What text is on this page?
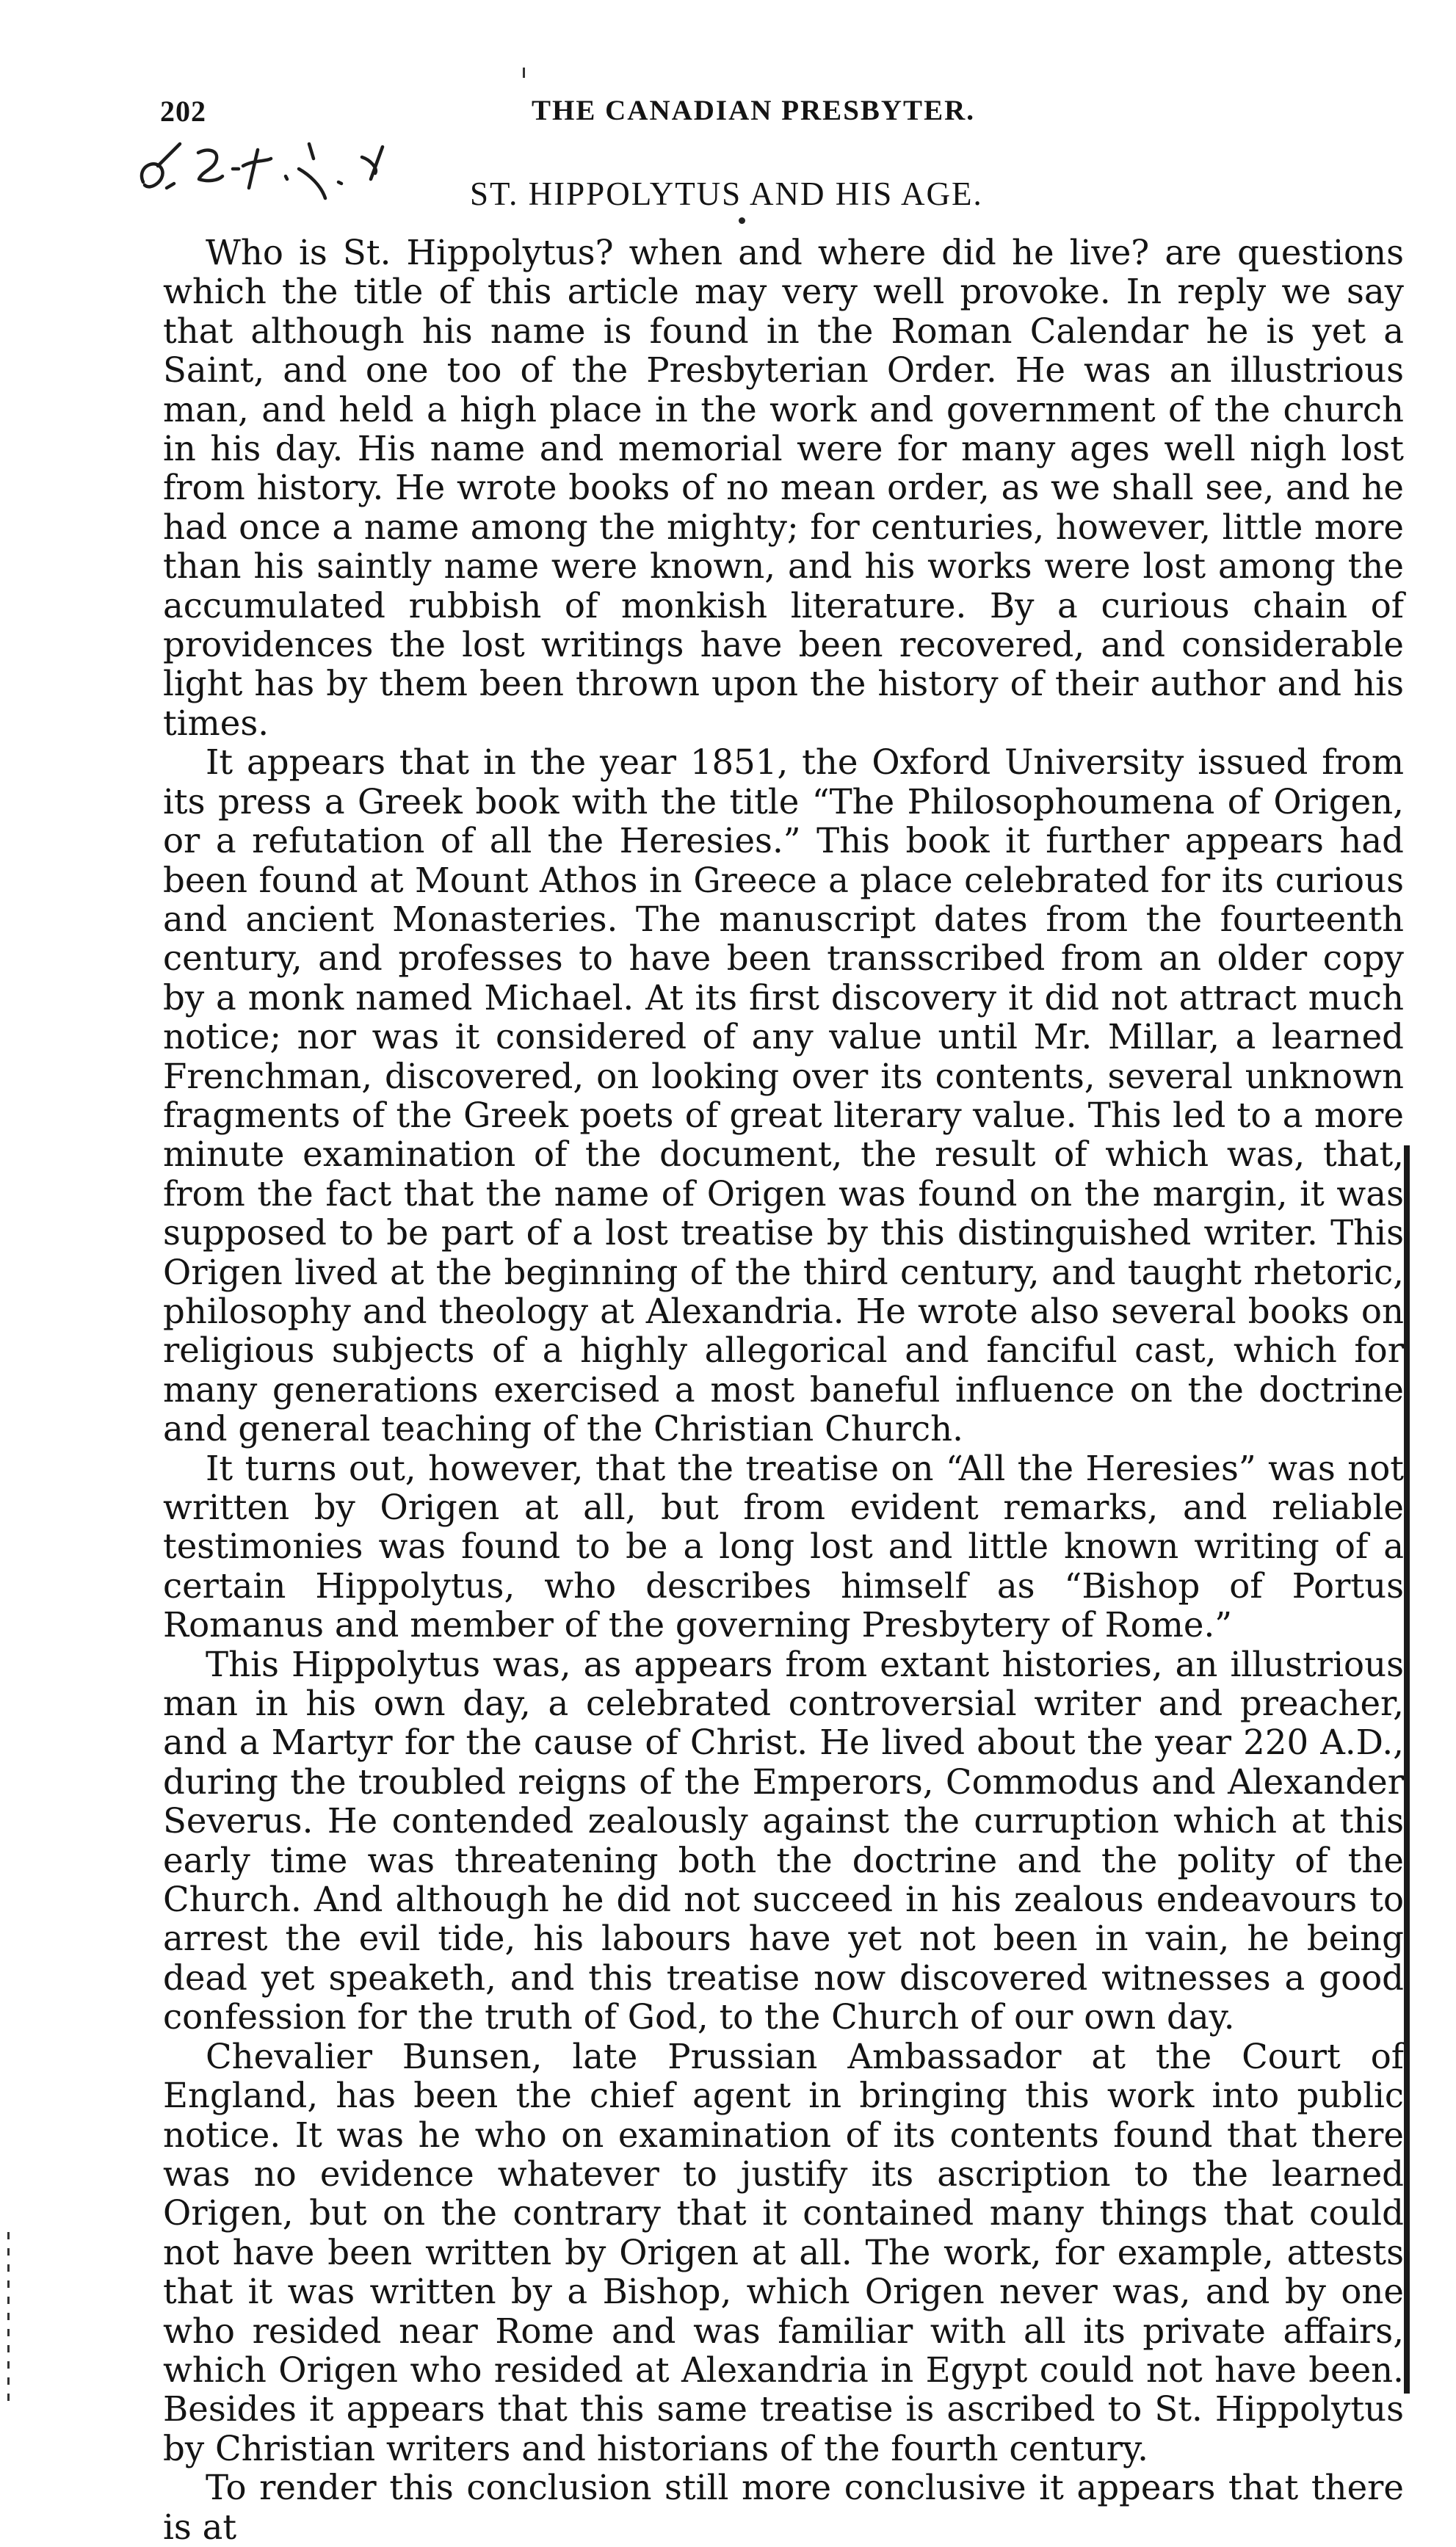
202	THE CANADIAN PRESBYTER.
ST. HIPPOLYTUS AND HIS AGE.

Who is St. Hippolytus? when and where did he live? are questions which the title of this article may very well provoke. In reply we say that although his name is found in the Roman Calendar he is yet a Saint, and one too of the Presbyterian Order. He was an illustrious man, and held a high place in the work and government of the church in his day. His name and memorial were for many ages well nigh lost from history. He wrote books of no mean order, as we shall see, and he had once a name among the mighty; for centuries, however, little more than his saintly name were known, and his works were lost among the accumulated rubbish of monkish literature. By a curious chain of providences the lost writings have been recovered, and considerable light has by them been thrown upon the history of their author and his times.

It appears that in the year 1851, the Oxford University issued from its press a Greek book with the title “The Philosophoumena of Origen, or a refutation of all the Heresies.” This book it further appears had been found at Mount Athos in Greece a place celebrated for its curious and ancient Monasteries. The manuscript dates from the fourteenth century, and professes to have been transscribed from an older copy by a monk named Michael. At its first discovery it did not attract much notice; nor was it considered of any value until Mr. Millar, a learned Frenchman, discovered, on looking over its contents, several unknown fragments of the Greek poets of great literary value. This led to a more minute examination of the document, the result of which was, that, from the fact that the name of Origen was found on the margin, it was supposed to be part of a lost treatise by this distinguished writer. This Origen lived at the beginning of the third century, and taught rhetoric, philosophy and theology at Alexandria. He wrote also several books on religious subjects of a highly allegorical and fanciful cast, which for many generations exercised a most baneful influence on the doctrine and general teaching of the Christian Church.

It turns out, however, that the treatise on “All the Heresies” was not written by Origen at all, but from evident remarks, and reliable testimonies was found to be a long lost and little known writing of a certain Hippolytus, who describes himself as “Bishop of Portus Romanus and member of the governing Presbytery of Rome.”

This Hippolytus was, as appears from extant histories, an illustrious man in his own day, a celebrated controversial writer and preacher, and a Martyr for the cause of Christ. He lived about the year 220 A.D., during the troubled reigns of the Emperors, Commodus and Alexander Severus. He contended zealously against the curruption which at this early time was threatening both the doctrine and the polity of the Church. And although he did not succeed in his zealous endeavours to arrest the evil tide, his labours have yet not been in vain, he being dead yet speaketh, and this treatise now discovered witnesses a good confession for the truth of God, to the Church of our own day.

Chevalier Bunsen, late Prussian Ambassador at the Court of England, has been the chief agent in bringing this work into public notice. It was he who on examination of its contents found that there was no evidence whatever to justify its ascription to the learned Origen, but on the contrary that it contained many things that could not have been written by Origen at all. The work, for example, attests that it was written by a Bishop, which Origen never was, and by one who resided near Rome and was familiar with all its private affairs, which Origen who resided at Alexandria in Egypt could not have been. Besides it appears that this same treatise is ascribed to St. Hippolytus by Christian writers and historians of the fourth century.

To render this conclusion still more conclusive it appears that there is at
